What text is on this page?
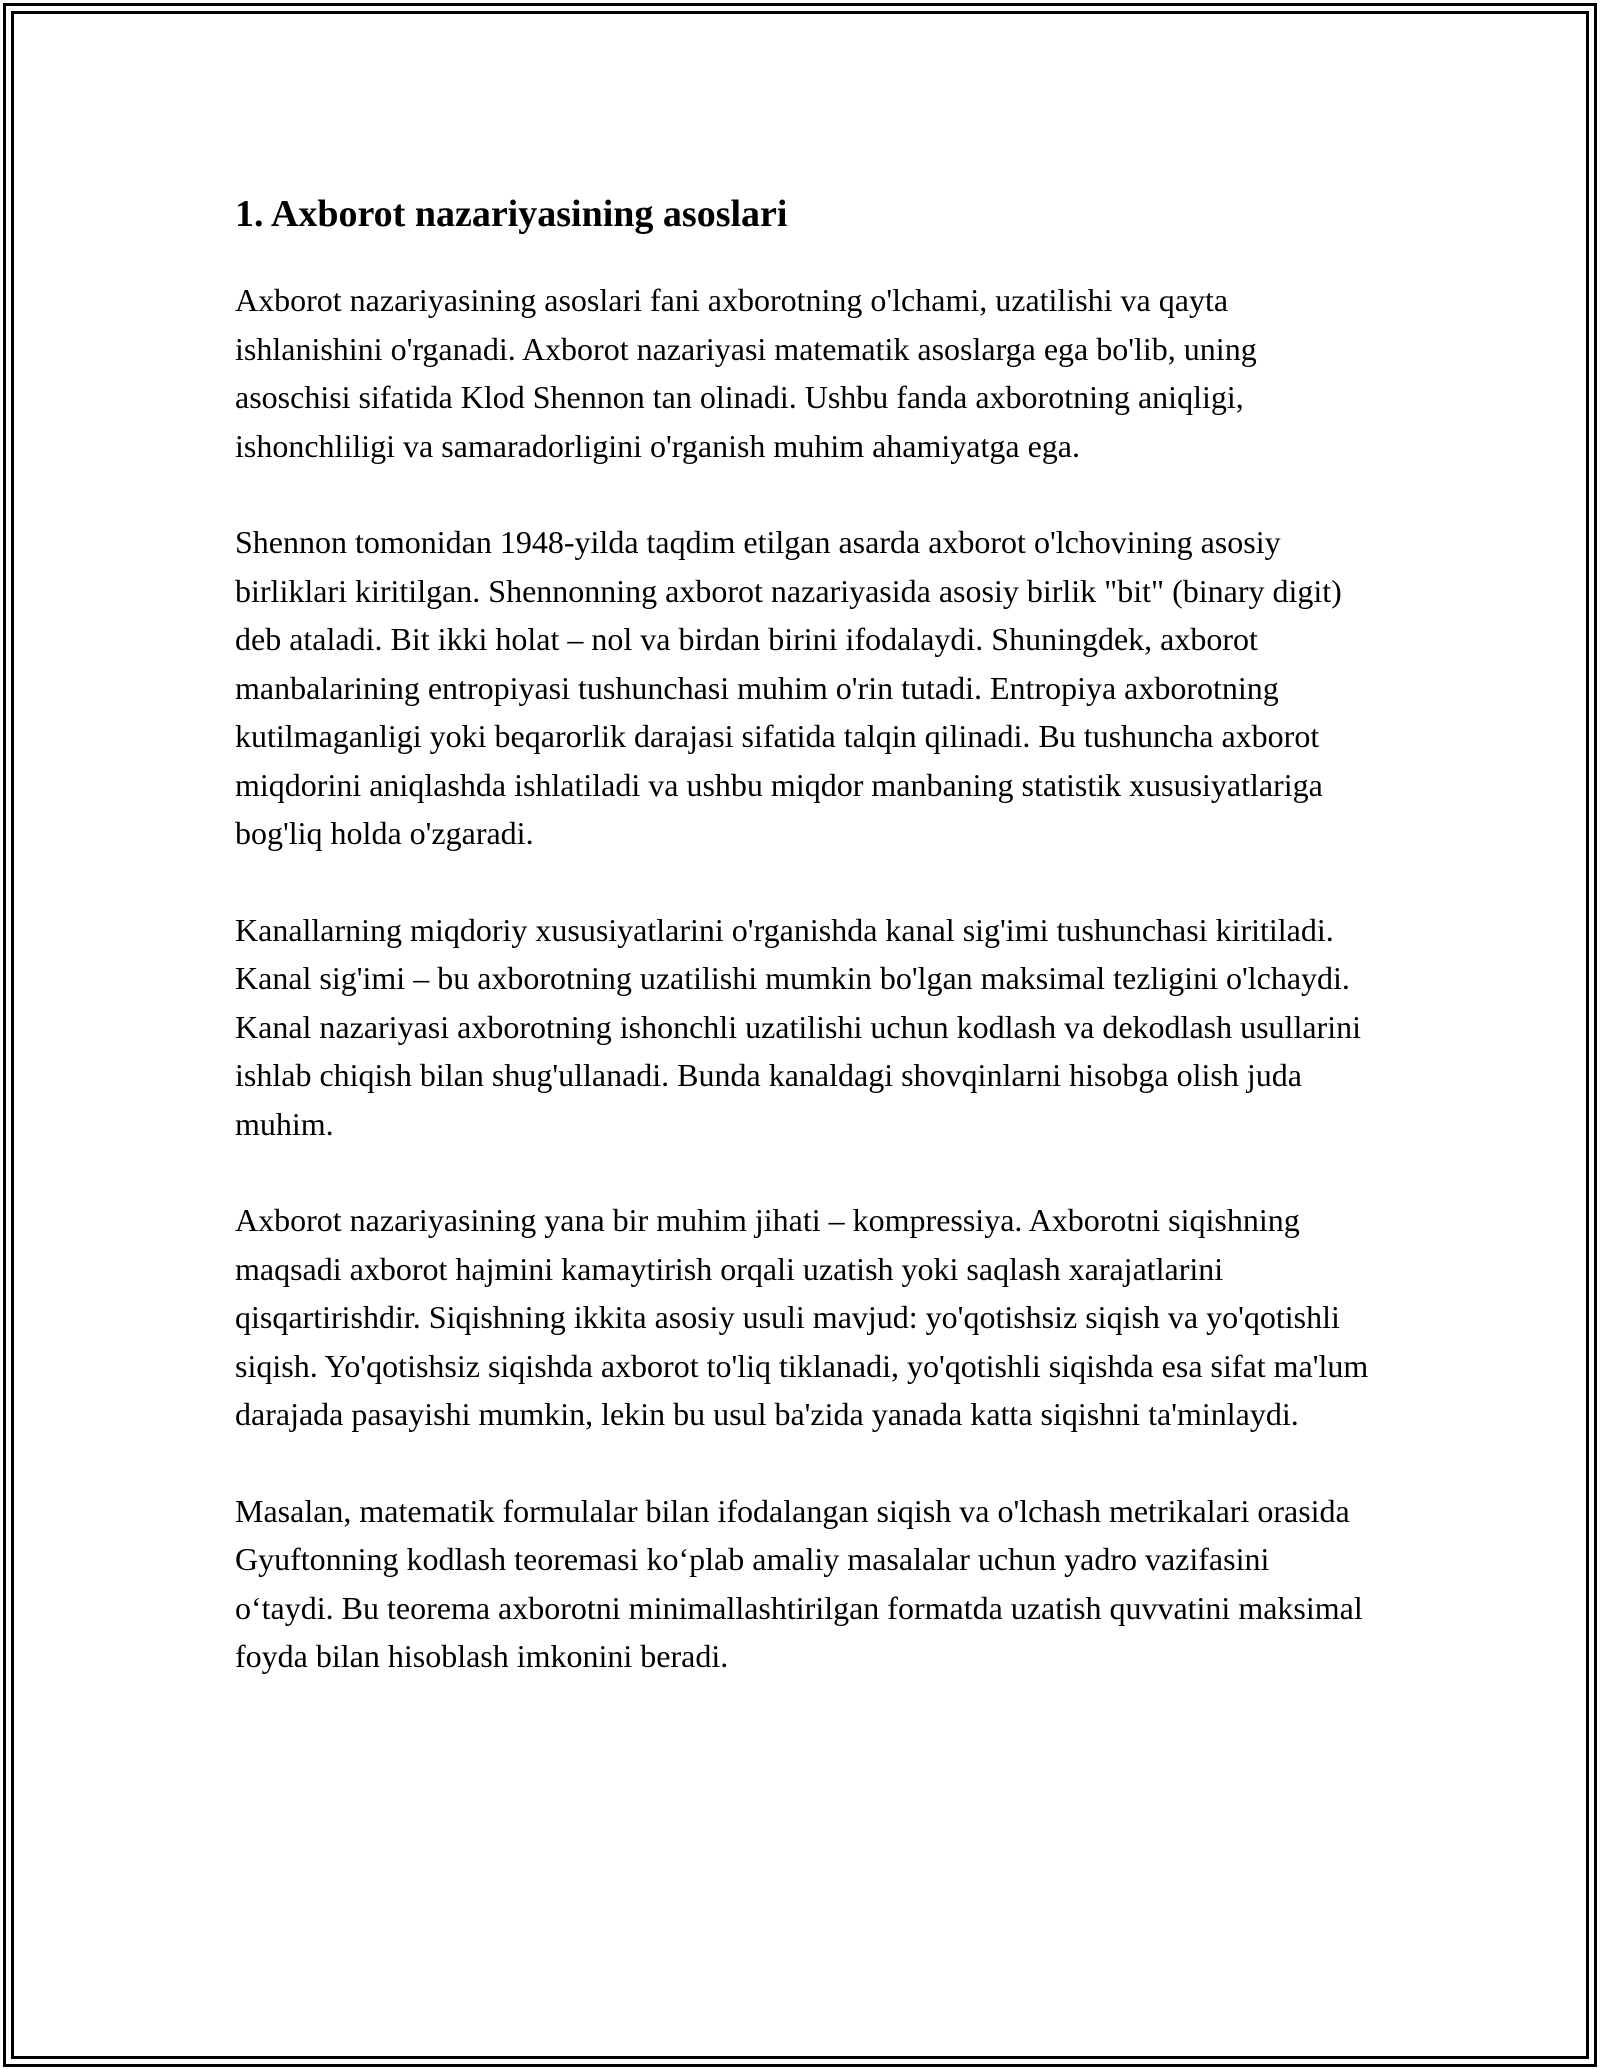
1. Axborot nazariyasining asoslari

Axborot nazariyasining asoslari fani axborotning o'lchami, uzatilishi va qayta ishlanishini o'rganadi. Axborot nazariyasi matematik asoslarga ega bo'lib, uning asoschisi sifatida Klod Shennon tan olinadi. Ushbu fanda axborotning aniqligi, ishonchliligi va samaradorligini o'rganish muhim ahamiyatga ega.

Shennon tomonidan 1948-yilda taqdim etilgan asarda axborot o'lchovining asosiy birliklari kiritilgan. Shennonning axborot nazariyasida asosiy birlik "bit" (binary digit) deb ataladi. Bit ikki holat – nol va birdan birini ifodalaydi. Shuningdek, axborot manbalarining entropiyasi tushunchasi muhim o'rin tutadi. Entropiya axborotning kutilmaganligi yoki beqarorlik darajasi sifatida talqin qilinadi. Bu tushuncha axborot miqdorini aniqlashda ishlatiladi va ushbu miqdor manbaning statistik xususiyatlariga bog'liq holda o'zgaradi.

Kanallarning miqdoriy xususiyatlarini o'rganishda kanal sig'imi tushunchasi kiritiladi. Kanal sig'imi – bu axborotning uzatilishi mumkin bo'lgan maksimal tezligini o'lchaydi. Kanal nazariyasi axborotning ishonchli uzatilishi uchun kodlash va dekodlash usullarini ishlab chiqish bilan shug'ullanadi. Bunda kanaldagi shovqinlarni hisobga olish juda muhim.

Axborot nazariyasining yana bir muhim jihati – kompressiya. Axborotni siqishning maqsadi axborot hajmini kamaytirish orqali uzatish yoki saqlash xarajatlarini qisqartirishdir. Siqishning ikkita asosiy usuli mavjud: yo'qotishsiz siqish va yo'qotishli siqish. Yo'qotishsiz siqishda axborot to'liq tiklanadi, yo'qotishli siqishda esa sifat ma'lum darajada pasayishi mumkin, lekin bu usul ba'zida yanada katta siqishni ta'minlaydi.

Masalan, matematik formulalar bilan ifodalangan siqish va o'lchash metrikalari orasida Gyuftonning kodlash teoremasi koʻplab amaliy masalalar uchun yadro vazifasini oʻtaydi. Bu teorema axborotni minimallashtirilgan formatda uzatish quvvatini maksimal foyda bilan hisoblash imkonini beradi.
